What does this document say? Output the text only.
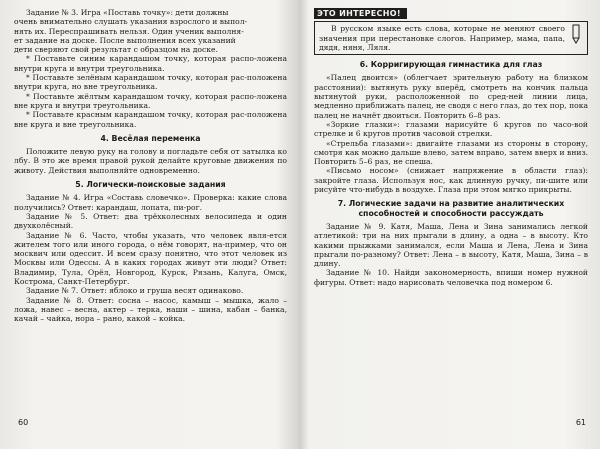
Задание № 3. Игра «Поставь точку»: дети должны

очень внимательно слушать указания взрослого и выпол-

нять их. Переспрашивать нельзя. Один ученик выполня-

ет задание на доске. После выполнения всех указаний

дети сверяют свой результат с образцом на доске.

* Поставьте синим карандашом точку, которая распо-ложена внутри круга и внутри треугольника.

* Поставьте зелёным карандашом точку, которая рас-положена внутри круга, но вне треугольника.

* Поставьте жёлтым карандашом точку, которая распо-ложена вне круга и внутри треугольника.

* Поставьте красным карандашом точку, которая рас-положена вне круга и вне треугольника.

4. Весёлая переменка

Положите левую руку на голову и погладьте себя от затылка ко лбу. В это же время правой рукой делайте круговые движения по животу. Действия выполняйте одновременно.

5. Логически-поисковые задания

Задание № 4. Игра «Составь словечко». Проверка: какие слова получились? Ответ: карандаш, лопата, пи-рог.

Задание № 5. Ответ: два трёхколесных велосипеда и один двухколёсный.

Задание № 6. Часто, чтобы указать, что человек явля-ется жителем того или иного города, о нём говорят, на-пример, что он москвич или одессит. И всем сразу понятно, что этот человек из Москвы или Одессы. А в каких городах живут эти люди? Ответ: Владимир, Тула, Орёл, Новгород, Курск, Рязань, Калуга, Омск, Кострома, Санкт-Петербург.

Задание № 7. Ответ: яблоко и груша весят одинаково.

Задание № 8. Ответ: сосна – насос, камыш – мышка, жало – ложа, навес – весна, актер – терка, наши – шина, кабан – банка, качай – чайка, нора – рано, какой – койка.

60
ЭТО ИНТЕРЕСНО!

В русском языке есть слова, которые не меняют своего значения при перестановке слогов. Например, мама, папа, дядя, няня, Ляля.

6. Корригирующая гимнастика для глаз

«Палец двоится» (облегчает зрительную работу на близком расстоянии): вытянуть руку вперёд, смотреть на кончик пальца вытянутой руки, расположенной по сред-ней линии лица, медленно приближать палец, не сводя с него глаз, до тех пор, пока палец не начнёт двоиться. Повторить 6–8 раз.

«Зоркие глазки»: глазами нарисуйте 6 кругов по часо-вой стрелке и 6 кругов против часовой стрелки.

«Стрельба глазами»: двигайте глазами из стороны в сторону, смотря как можно дальше влево, затем вправо, затем вверх и вниз. Повторить 5–6 раз, не спеша.

«Письмо носом» (снижает напряжение в области глаз): закройте глаза. Используя нос, как длинную ручку, пи-шите или рисуйте что-нибудь в воздухе. Глаза при этом мягко прикрыты.

7. Логические задачи на развитие аналитических способностей и способности рассуждать

Задание № 9. Катя, Маша, Лена и Зина занимались легкой атлетикой: три на них прыгали в длину, а одна – в высоту. Кто какими прыжками занимался, если Маша и Лена, Лена и Зина прыгали по-разному? Ответ: Лена – в высоту, Катя, Маша, Зина – в длину.

Задание № 10. Найди закономерность, впиши номер нужной фигуры. Ответ: надо нарисовать человечка под номером 6.

61
